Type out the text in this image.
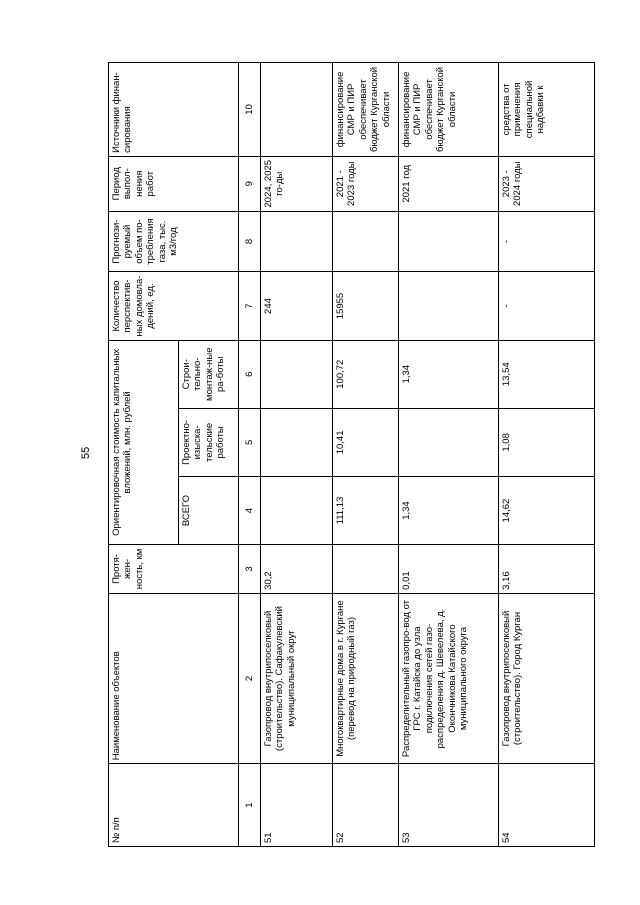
55
№ п/п	Наименование объектов	Протя-жен-ность, км	Ориентировочная стоимость капитальных вложений, млн. рублей			Количество перспектив-ных домовла-дений, ед.	Прогнози-руемый объем по-требления газа, тыс. м3/год	Период выпол-нения работ	Источники финан-сирования
			ВСЕГО	Проектно-изыска-тельские работы	Строи-тельно-монтаж-ные ра-боты				
1	2	3	4	5	6	7	8	9	10
51	Газопровод внутрипоселковый (строительство). Сафакулевский муниципальный округ	30,2				244		2024, 2025 го-ды	
52	Многоквартирные дома в г. Кургане (перевод на природный газ)		111,13	10,41	100,72	15955		2021 - 2023 годы	финансирование СМР и ПИР обеспечивает бюджет Курганской области
53	Распределительный газопро-вод от ГРС г. Катайска до узла подключения сетей газо-распределения д. Шевелева, д. Окончникова Катайского муниципального округа	0,01	1,34		1,34			2021 год	финансирование СМР и ПИР обеспечивает бюджет Курганской области
54	Газопровод внутрипоселковый (строительство). Город Курган	3,16	14,62	1,08	13,54	-	-	2023 - 2024 годы	средства от применения специальной надбавки к
